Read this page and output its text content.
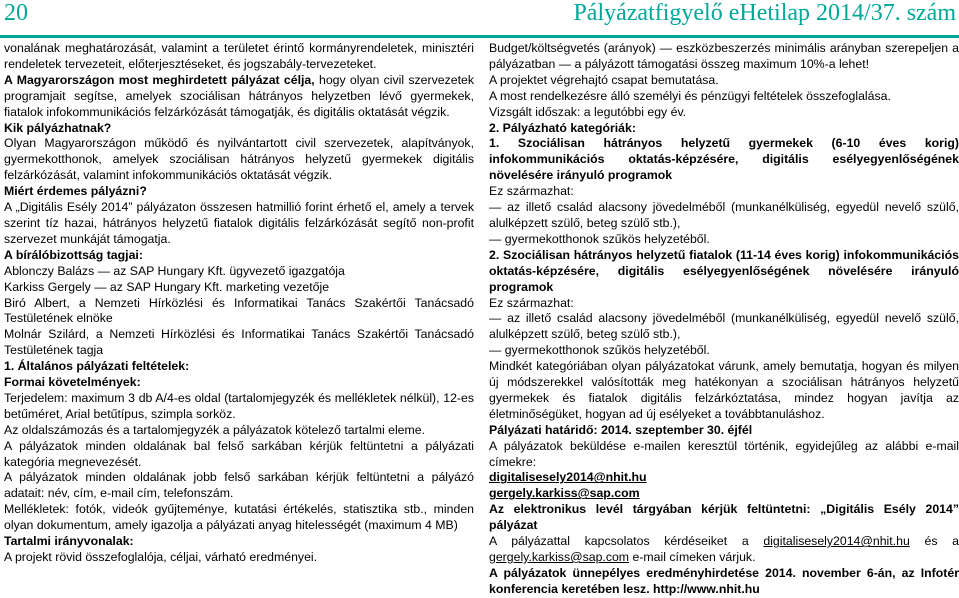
20	Pályázatfigyelő eHetilap 2014/37. szám

vonalának meghatározását, valamint a területet érintő kormányrendeletek, minisztéri rendeletek tervezeteit, előterjesztéseket, és jogszabály-tervezeteket.

A Magyarországon most meghirdetett pályázat célja, hogy olyan civil szervezetek programjait segítse, amelyek szociálisan hátrányos helyzetben lévő gyermekek, fiatalok infokommunikációs felzárkózását támogatják, és digitális oktatását végzik.

Kik pályázhatnak?

Olyan Magyarországon működő és nyilvántartott civil szervezetek, alapítványok, gyermekotthonok, amelyek szociálisan hátrányos helyzetű gyermekek digitális felzárkózását, valamint infokommunikációs oktatását végzik.

Miért érdemes pályázni?

A „Digitális Esély 2014” pályázaton összesen hatmillió forint érhető el, amely a tervek szerint tíz hazai, hátrányos helyzetű fiatalok digitális felzárkózását segítő non-profit szervezet munkáját támogatja.

A bírálóbizottság tagjai:

Ablonczy Balázs — az SAP Hungary Kft. ügyvezető igazgatója

Karkiss Gergely — az SAP Hungary Kft. marketing vezetője

Biró Albert, a Nemzeti Hírközlési és Informatikai Tanács Szakértői Tanácsadó Testületének elnöke

Molnár Szilárd, a Nemzeti Hírközlési és Informatikai Tanács Szakértői Tanácsadó Testületének tagja

1. Általános pályázati feltételek:

Formai követelmények:

Terjedelem: maximum 3 db A/4-es oldal (tartalomjegyzék és mellékletek nélkül), 12-es betűméret, Arial betűtípus, szimpla sorköz.

Az oldalszámozás és a tartalomjegyzék a pályázatok kötelező tartalmi eleme.

A pályázatok minden oldalának bal felső sarkában kérjük feltüntetni a pályázati kategória megnevezését.

A pályázatok minden oldalának jobb felső sarkában kérjük feltüntetni a pályázó adatait: név, cím, e-mail cím, telefonszám.

Mellékletek: fotók, videók gyűjteménye, kutatási értékelés, statisztika stb., minden olyan dokumentum, amely igazolja a pályázati anyag hitelességét (maximum 4 MB)

Tartalmi irányvonalak:

A projekt rövid összefoglalója, céljai, várható eredményei.

Budget/költségvetés (arányok) — eszközbeszerzés minimális arányban szerepeljen a pályázatban — a pályázott támogatási összeg maximum 10%-a lehet!

A projektet végrehajtó csapat bemutatása.

A most rendelkezésre álló személyi és pénzügyi feltételek összefoglalása.

Vizsgált időszak: a legutóbbi egy év.

2. Pályázható kategóriák:

1. Szociálisan hátrányos helyzetű gyermekek (6-10 éves korig) infokommunikációs oktatás-képzésére, digitális esélyegyenlőségének növelésére irányuló programok

Ez származhat:

— az illető család alacsony jövedelméből (munkanélküliség, egyedül nevelő szülő, alulképzett szülő, beteg szülő stb.),

— gyermekotthonok szűkös helyzetéből.

2. Szociálisan hátrányos helyzetű fiatalok (11-14 éves korig) infokommunikációs oktatás-képzésére, digitális esélyegyenlőségének növelésére irányuló programok

Ez származhat:

— az illető család alacsony jövedelméből (munkanélküliség, egyedül nevelő szülő, alulképzett szülő, beteg szülő stb.),

— gyermekotthonok szűkös helyzetéből.

Mindkét kategóriában olyan pályázatokat várunk, amely bemutatja, hogyan és milyen új módszerekkel valósították meg hatékonyan a szociálisan hátrányos helyzetű gyermekek és fiatalok digitális felzárkóztatása, mindez hogyan javítja az életminőségüket, hogyan ad új esélyeket a továbbtanuláshoz.

Pályázati határidő: 2014. szeptember 30. éjfél

A pályázatok beküldése e-mailen keresztül történik, egyidejűleg az alábbi e-mail címekre:

digitalisesely2014@nhit.hu

gergely.karkiss@sap.com

Az elektronikus levél tárgyában kérjük feltüntetni: „Digitális Esély 2014” pályázat

A pályázattal kapcsolatos kérdéseiket a digitalisesely2014@nhit.hu és a gergely.karkiss@sap.com e-mail címeken várjuk.

A pályázatok ünnepélyes eredményhirdetése 2014. november 6-án, az Infotér konferencia keretében lesz. http://www.nhit.hu
